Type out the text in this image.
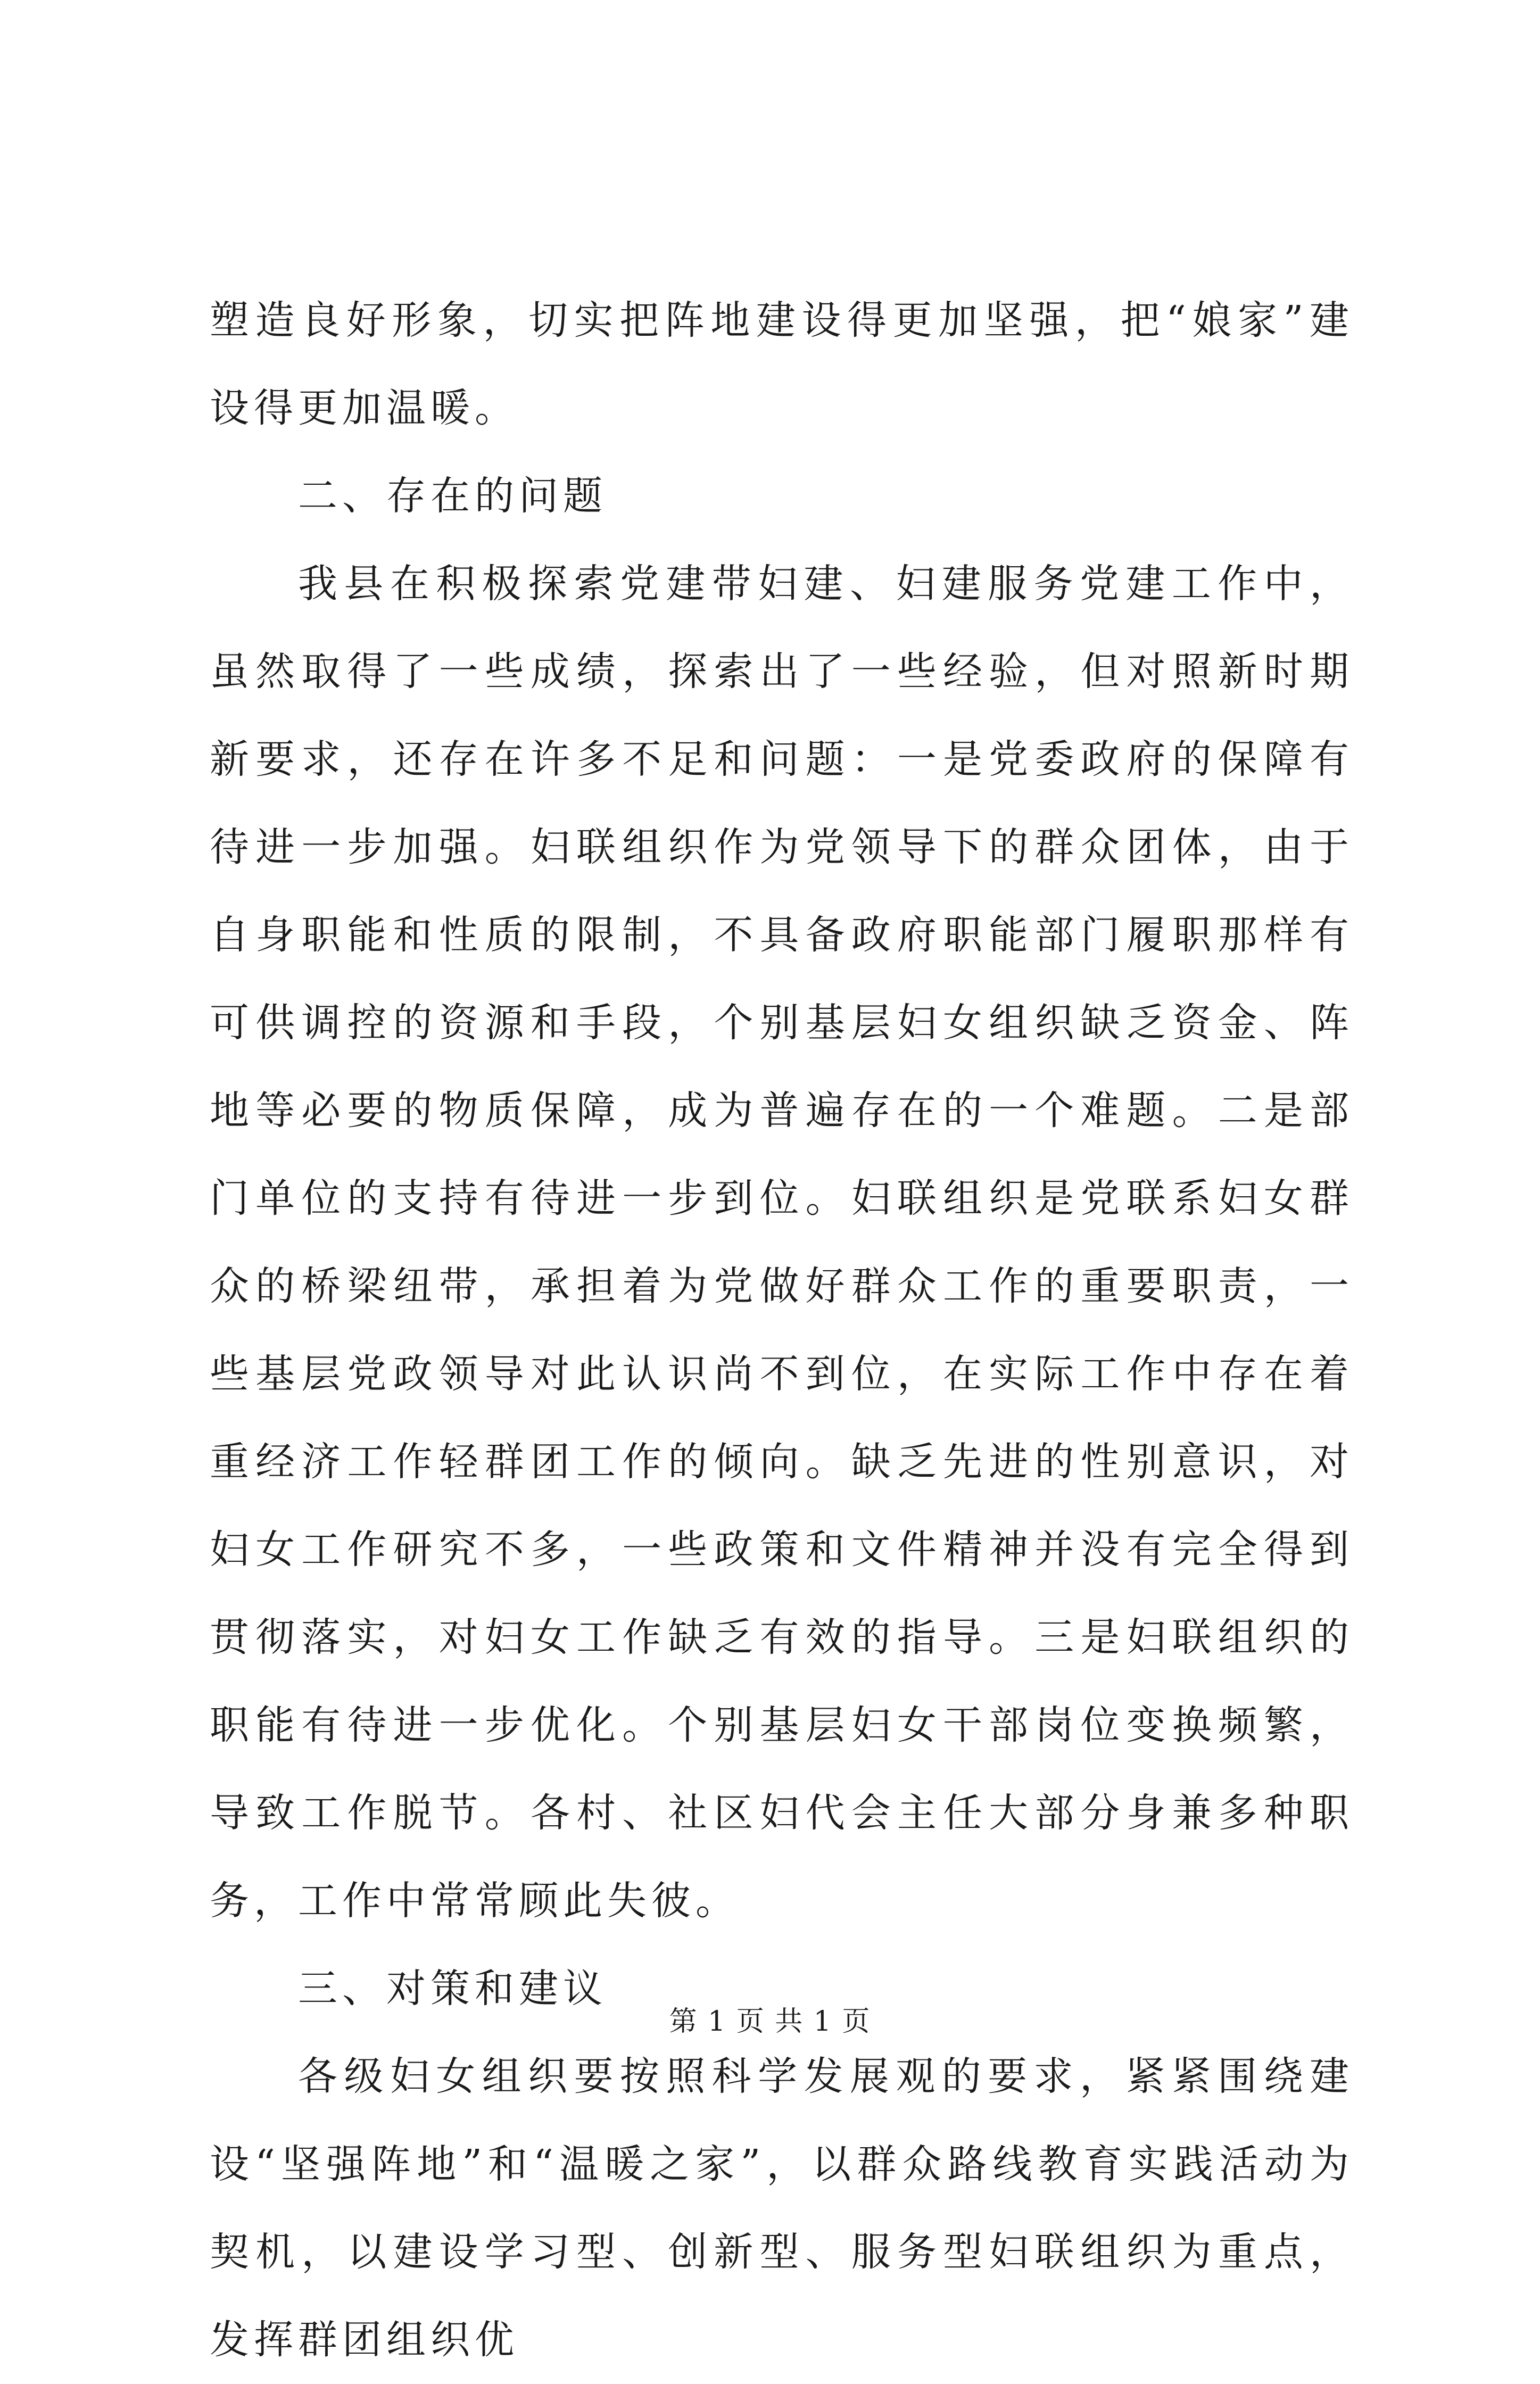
塑造良好形象，切实把阵地建设得更加坚强，把“娘家”建设得更加温暖。

二、存在的问题

我县在积极探索党建带妇建、妇建服务党建工作中，虽然取得了一些成绩，探索出了一些经验，但对照新时期新要求，还存在许多不足和问题：一是党委政府的保障有待进一步加强。妇联组织作为党领导下的群众团体，由于自身职能和性质的限制，不具备政府职能部门履职那样有可供调控的资源和手段，个别基层妇女组织缺乏资金、阵地等必要的物质保障，成为普遍存在的一个难题。二是部门单位的支持有待进一步到位。妇联组织是党联系妇女群众的桥梁纽带，承担着为党做好群众工作的重要职责，一些基层党政领导对此认识尚不到位，在实际工作中存在着重经济工作轻群团工作的倾向。缺乏先进的性别意识，对妇女工作研究不多，一些政策和文件精神并没有完全得到贯彻落实，对妇女工作缺乏有效的指导。三是妇联组织的职能有待进一步优化。个别基层妇女干部岗位变换频繁，导致工作脱节。各村、社区妇代会主任大部分身兼多种职务，工作中常常顾此失彼。

三、对策和建议

各级妇女组织要按照科学发展观的要求，紧紧围绕建设“坚强阵地”和“温暖之家”，以群众路线教育实践活动为契机，以建设学习型、创新型、服务型妇联组织为重点，发挥群团组织优

第 1 页 共 1 页
